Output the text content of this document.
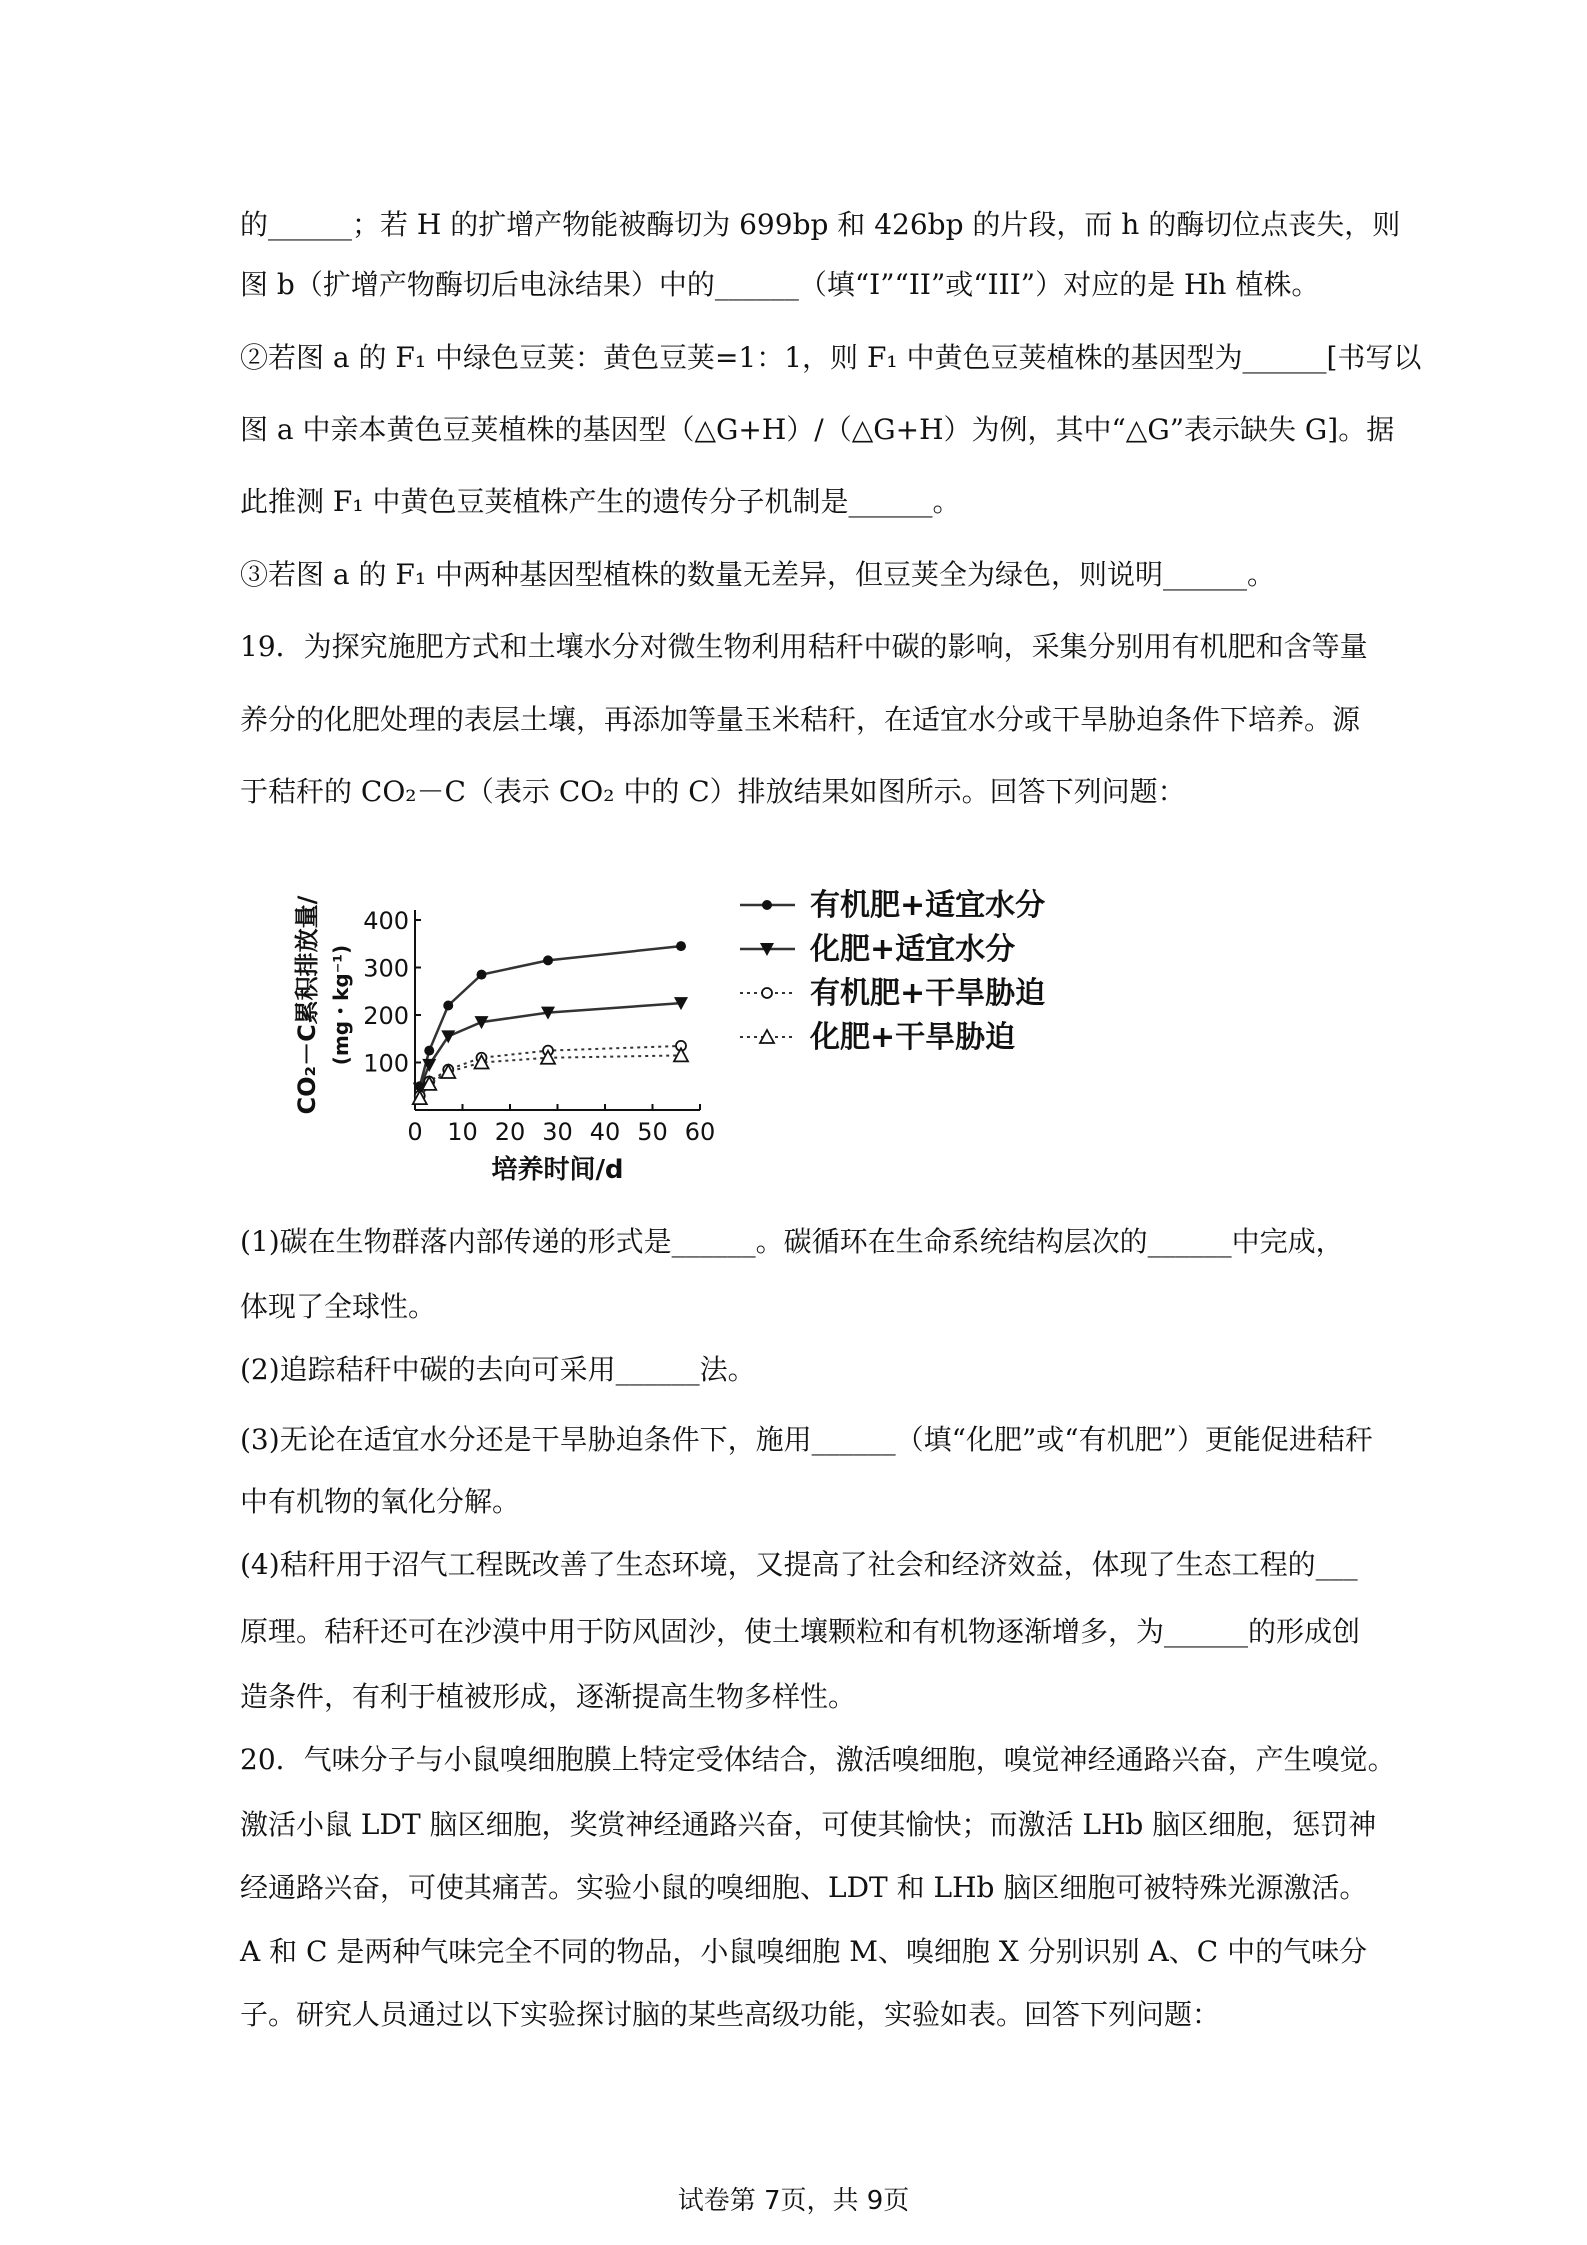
的______；若 H 的扩增产物能被酶切为 699bp 和 426bp 的片段，而 h 的酶切位点丧失，则
图 b（扩增产物酶切后电泳结果）中的______（填“I”“II”或“III”）对应的是 Hh 植株。
②若图 a 的 F₁ 中绿色豆荚：黄色豆荚=1：1，则 F₁ 中黄色豆荚植株的基因型为______[书写以
图 a 中亲本黄色豆荚植株的基因型（△G+H）/（△G+H）为例，其中“△G”表示缺失 G]。据
此推测 F₁ 中黄色豆荚植株产生的遗传分子机制是______。
③若图 a 的 F₁ 中两种基因型植株的数量无差异，但豆荚全为绿色，则说明______。
19．为探究施肥方式和土壤水分对微生物利用秸秆中碳的影响，采集分别用有机肥和含等量
养分的化肥处理的表层土壤，再添加等量玉米秸秆，在适宜水分或干旱胁迫条件下培养。源
于秸秆的 CO₂－C（表示 CO₂ 中的 C）排放结果如图所示。回答下列问题：
(1)碳在生物群落内部传递的形式是______。碳循环在生命系统结构层次的______中完成，
体现了全球性。
(2)追踪秸秆中碳的去向可采用______法。
(3)无论在适宜水分还是干旱胁迫条件下，施用______（填“化肥”或“有机肥”）更能促进秸秆
中有机物的氧化分解。
(4)秸秆用于沼气工程既改善了生态环境，又提高了社会和经济效益，体现了生态工程的___
原理。秸秆还可在沙漠中用于防风固沙，使土壤颗粒和有机物逐渐增多，为______的形成创
造条件，有利于植被形成，逐渐提高生物多样性。
20．气味分子与小鼠嗅细胞膜上特定受体结合，激活嗅细胞，嗅觉神经通路兴奋，产生嗅觉。
激活小鼠 LDT 脑区细胞，奖赏神经通路兴奋，可使其愉快；而激活 LHb 脑区细胞，惩罚神
经通路兴奋，可使其痛苦。实验小鼠的嗅细胞、LDT 和 LHb 脑区细胞可被特殊光源激活。
A 和 C 是两种气味完全不同的物品，小鼠嗅细胞 M、嗅细胞 X 分别识别 A、C 中的气味分
子。研究人员通过以下实验探讨脑的某些高级功能，实验如表。回答下列问题：
0 10 20 30 40 50 60
100
200
300
400
培养时间/d
CO₂－C累积排放量/ (mg・kg⁻¹)
有机肥+适宜水分
化肥+适宜水分
有机肥+干旱胁迫
化肥+干旱胁迫
试卷第 7页，共 9页
